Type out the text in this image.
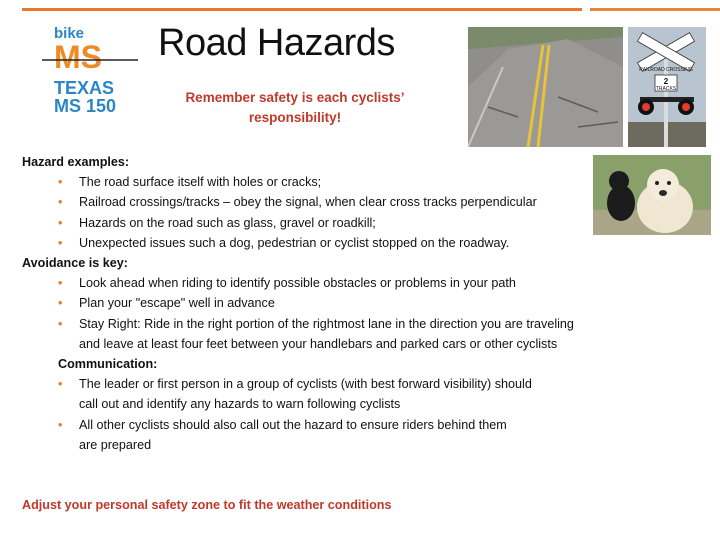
bike
MS
TEXAS
MS 150
Road Hazards
Remember safety is each cyclists’ responsibility!
RAILROAD CROSSING
2
TRACKS
Hazard examples:
• The road surface itself with holes or cracks;
• Railroad crossings/tracks – obey the signal, when clear cross tracks perpendicular
• Hazards on the road such as glass, gravel or roadkill;
• Unexpected issues such a dog, pedestrian or cyclist stopped on the roadway.
Avoidance is key:
• Look ahead when riding to identify possible obstacles or problems in your path
• Plan your "escape" well in advance
• Stay Right: Ride in the right portion of the rightmost lane in the direction you are traveling
and leave at least four feet between your handlebars and parked cars or other cyclists
Communication:
• The leader or first person in a group of cyclists (with best forward visibility) should
call out and identify any hazards to warn following cyclists
• All other cyclists should also call out the hazard to ensure riders behind them
are prepared
Adjust your personal safety zone to fit the weather conditions
